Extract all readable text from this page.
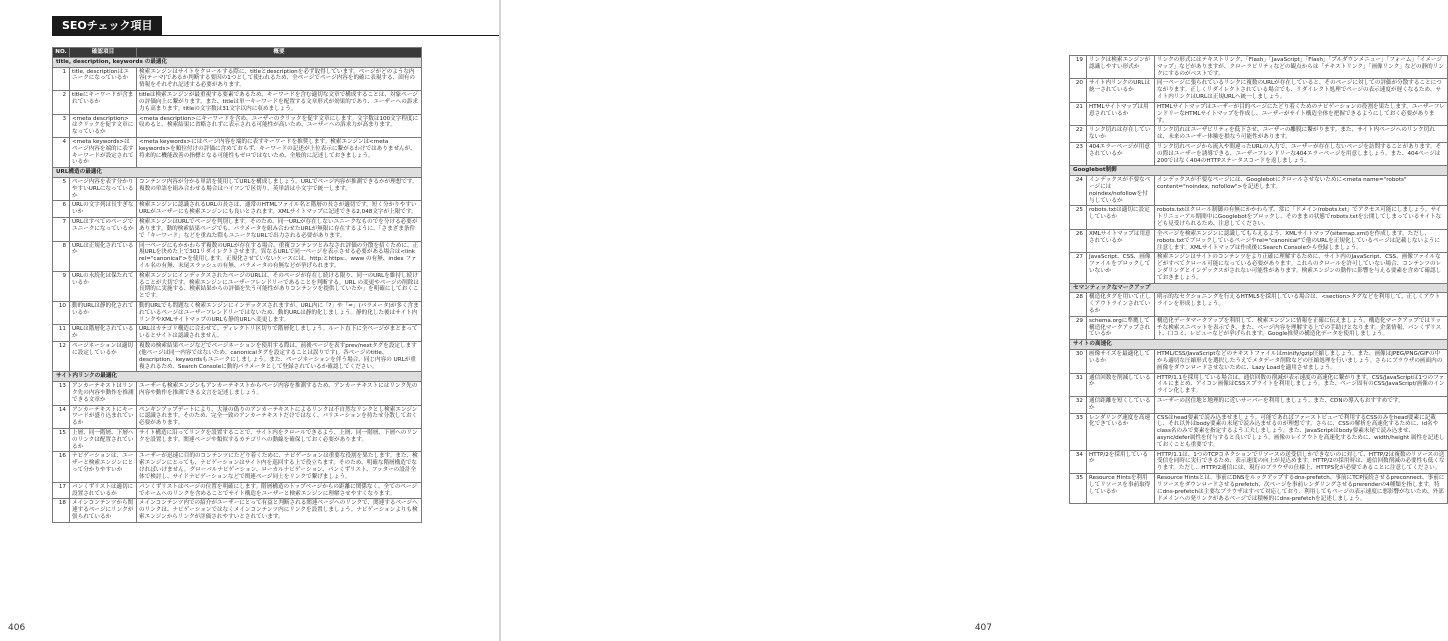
SEOチェック項目
NO.	確認項目	概要
title, description, keywords の最適化		
1	title, descriptionはユニークになっているか	検索エンジンはサイトをクロールする際に、titleとdescriptionを必ず取得しています。ページがどのような内容(テーマ)であるか判断する要因の1つとして使われるため、全ページでページ内容を的確に表現する、固有の情報をそれぞれ記述する必要があります。
2	titleにキーワードが含まれているか	titleは検索エンジンが最重視する要素であるため、キーワードを含む適切な文章で構成することは、対象ページの評価向上に繋がります。また、titleは単一キーワードを配置する文章形式が効果的であり、ユーザーへの訴求力も高まります。titleの文字数は31文字以内に収めましょう。
3	<meta description>はクリックを促す文章になっているか	<meta description>にキーワードを含め、ユーザーのクリックを促す文章にします。文字数は100文字程度に収めると、検索結果に省略されずに表示される可能性が高いため、ユーザーへの訴求力が高まります。
4	<meta keywords>はページ内容を端的に表すキーワードが設定されているか	<meta keywords>にはページ内容を端的に表すキーワードを推奨します。検索エンジンは<meta keywords>を順位付けの評価に含めておらず、キーワードの記述が上位表示に繋がるわけではありませんが、将来的に機能改善の指標となる可能性もゼロではないため、全般的に記述しておきましょう。
URL構造の最適化		
5	ページ内容を表す分かりやすいURLになっているか	コンテンツ内容が分かる単語を使用してURLを構成しましょう。URLでページ内容が推測できるかが理想です。複数の単語を組み合わせる場合はハイフンで区切り、英単語は小文字で統一します。
6	URLの文字列は長すぎないか	検索エンジンに認識されるURLの長さは、通常のHTMLファイル名と階層の長さが適切です。短く分かりやすいURLがユーザーにも検索エンジンにも良いとされます。XMLサイトマップに記述できる2,048文字が上限です。
7	URLはすべてのページでユニークになっているか	検索エンジンはURLでページを判別します。そのため、同一URLが存在しないユニークなものでを分ける必要があります。動的検索結果ページでも、パラメータを組み合わせたURLが無限に存在するように、「さまざま条件で「キーワード」などを重ねた際もユニークなURLで出力される必要があります。
8	URLは正規化されているか	同一ページにもかかわらず複数のURLが存在する場合、重複コンテンツとみなされ評価の分散を招くために、正規URLを決めた上で301リダイレクトさせます。異なるURLで同一ページを表示させる必要がある場合は<link rel="canonical">を使用します。正規化させていないケースには、http:とhttps:、www の有無、index ファイル名の有無、末尾スラッシュの有無、パラメータの有無などが挙げられます。
9	URLの永続化は保たれているか	検索エンジンにインデックスされたページのURLは、そのページが存在し続ける限り、同一のURLを維持し続けることが大切です。検索エンジンにユーザーフレンドリーであることを判断する。URL の変更やページの削除は長期的に実施する、検索結果からの評価を失う可能性がありコンテンツを提供していたか」を明確にしておくことです。
10	動的URLは静的化されているか	動的URLでも問題なく検索エンジンにインデックスされますが、URL内に「?」や「=」(パラメータ)が多く含まれているページはユーザーフレンドリーではないため、動的URLは静的化しましょう。静的化した後はサイト内リンクやXMLサイトマップのURLも静的URLへ変更します。
11	URLは階層化されているか	URLはカテゴリ構造に合わせて、ディレクトリ区切りで階層化しましょう。ルート直下に全ページがまとまっているとサイトは認識されません。
12	ページネーションは適切に設定しているか	複数の検索結果ページなどでページネーションを使用する際は、前後ページを表すprev/nextタグを設定します(他ページは同一内容ではないため、canonicalタグを設定することは誤りです)。各ページのtitle、description、keywordsもユニークにしましょう。また、ページネーションを伴う場合、同じ内容の URLが重複されるため、Search Consoleに動的パラメータとして登録されているか確認してください。
サイト内リンクの最適化		
13	アンカーテキストはリンク先の内容や動作を推測できる文章か	ユーザーも検索エンジンもアンカーテキストからページ内容を推測するため、アンカーテキストにはリンク先の内容や動作を推測できる文言を記述しましょう。
14	アンカーテキストにキーワードが盛り込まれているか	ペンギンアップデートにより、大量の偽りのアンカーテキストによるリンクは不自然なリンクとし検索エンジンに認識されます。そのため、完全一致のアンカーテキストだけではなく、バリエーションを持たせ分散しておく必要があります。
15	上層、同一階層、下層へのリンクは配置されているか	サイト構造に沿ってリンクを設置することで、サイト内をクロールできるよう、上層、同一階層、下層へのリンクを設置します。関連ページや類似するカテゴリへの動線を確保しておく必要があります。
16	ナビゲーションは、ユーザーと検索エンジンにとって分かりやすいか	ユーザーが迅速に目的のコンテンツにたどり着くために、ナビゲーションは重要な役割を果たします。また、検索エンジンにとっても、ナビゲーションはサイト内を巡回する上で役立ちます。そのため、明確な階層構造でなければいけません。グローバルナビゲーション、ローカルナビゲーション、パンくずリスト、フッターの設計全体で検討し、サイドナビゲーションなどで関連ページ同士をリンクで繋げましょう。
17	パンくずリストは適切に設置されているか	パンくずリストはページの位置を明確にします。階層構造のトップページからの距離に関係なく、全てのページでホームへのリンクを含めることでサイト構造をユーザーと検索エンジンに理解させやすくなります。
18	メインコンテンツから関連するページにリンクが張られているか	メインコンテンツ内での紹介がユーザーにとって有益と判断される関連ページへのリンクで、関連するページへのリンクは、ナビゲーションではなくメインコンテンツ内にリンクを設置しましょう。ナビゲーションよりも検索エンジンからリンクが評価されやすいとされています。
406
19	リンクは検索エンジンが認識しやすい形式か	リンクの形式にはテキストリンク、「Flash」「JavaScript」「Flash」「プルダウンメニュー」「フォーム」「イメージマップ」などがありますが、クローラビリティなどの観点からは「テキストリンク」「画像リンク」などの静的リンクにするのがベストです。
20	サイト内リンクのURLは統一されているか	同一ページに張られているリンクに複数のURLが存在していると、そのページに対しての評価が分散することにつながります。正しくリダイレクトされている場合でも、リダイレクト処理でページの表示速度が遅くなるため、サイト内リンクはURLは正規URLへ統一しましょう。
21	HTMLサイトマップは用意されているか	HTMLサイトマップはユーザーが目的ページにたどり着くためのナビゲーションの役割を果たします。ユーザーフレンドリーなHTMLサイトマップを作成し、ユーザーがサイト構造全体を把握できるようにしておく必要があります。
22	リンク切れは存在していないか	リンク切れはユーザビリティを低下させ、ユーザーの離脱に繋がります。また、サイト内ページへのリンク切れは、未来のユーザー体験を損なう可能性があります。
23	404エラーページが用意されているか	リンク切れページから流入や間違ったURLの入力で、ユーザーが存在しないページを訪問することがあります。その際はユーザーを誘導できる、ユーザーフレンドリーな404エラーページを用意しましょう。また、404ページは200ではなく404のHTTPステータスコードを返しましょう。
Googlebot制御		
24	インデックスが不要なページにはnoindex/nofollowを付与しているか	インデックスが不要なページには、Googlebotにクロールさせないために<meta name="robots" content="noindex, nofollow">を記述します。
25	robots.txtは適切に設定しているか	robots.txtはクロール制御の有無にかかわらず、常に「ドメイン/robots.txt」でアクセス可能にしましょう。サイトリニューアル期間中にGooglebotをブロックし、そのままの状態でrobots.txtを公開してしまっているサイトなども見受けられるため、注意してください。
26	XMLサイトマップは用意されているか	全ページを検索エンジンに認識してもらえるよう、XMLサイトマップ(sitemap.xml)を作成します。ただし、robots.txtでブロックしているページやrel="canonical"で他のURLを正規化しているページは記載しないように注意します。XMLサイトマップは作成後にSearch Consoleから登録しましょう。
27	JavaScript、CSS、画像ファイルをブロックしていないか	検索エンジンはサイトのコンテンツをより正確に理解するために、サイト内のJavaScript、CSS、画像ファイルなどがすべてクロール可能になっている必要があります。これらのクロールを許可していない場合、コンテンツのレンダリングとインデックスがされない可能性があります。検索エンジンの動作に影響を与える要素を含めて確認しておきましょう。
セマンティックなマークアップ		
28	構造化タグを用いて正しくアウトラインされているか	明示的なセクショニングを行えるHTML5を採用している場合は、<section>タグなどを利用して、正しくアウトラインを形成しましょう。
29	schema.orgに準拠して構造化マークアップされているか	構造化データマークアップを利用して、検索エンジンに情報を正確に伝えましょう。構造化マークアップではリッチな検索スニペットを表示でき、また、ページ内容を理解する上での手助けとなります。企業情報、パンくずリスト、口コミ、レビューなどが挙げられます。Google推奨の構造化データを使用しましょう。
サイトの高速化		
30	画像サイズを最適化しているか	HTML/CSS/JavaScriptなどのテキストファイルはminify/gzip圧縮しましょう。また、画像はJPEG/PNG/GIFの中から適切な圧縮形式を選択したうえでメタデータ削除などの圧縮処理を行いましょう。さらにブラウザの画面内の画像をダウンロードさせないために、Lazy Loadを適用させましょう。
31	通信回数を削減しているか	HTTP/1.1を採用している場合は、通信回数の削減が表示速度の高速化に繋がります。CSS/JavaScriptは1つのファイルにまとめ、アイコン画像はCSSスプライトを利用しましょう。また、ページ固有のCSS/JavaScript/画像のインライン化します。
32	通信距離を短くしているか	ユーザーの居住地と地理的に近いサーバーを利用しましょう。また、CDNの導入もおすすめです。
33	レンダリング速度を高速化できているか	CSSはhead要素で読み込ませましょう。可能であればファーストビューで利用するCSSのみをhead要素に記載し、それ以外はbody要素の末尾で読み込ませるのが理想です。さらに、CSSの解析を高速化するために、id名やclass名のみで要素を指定するよう工夫しましょう。また、JavaScriptはbody要素末尾で読み込ませ、async/defer属性を付与すると良いでしょう。画像のレイアウトを高速化するために、width/height 属性を記述しておくことも重要です。
34	HTTP/2を採用しているか	HTTP/1.1は、1つのTCPコネクションでリソースの送受信しかできないのに対して、HTTP/2は複数のリソースの送受信を同時に実行できるため、表示速度の向上が見込めます。HTTP/2の採用時は、通信回数削減の必要性も低くなります。ただし、HTTP/2通信には、現行のブラウザの仕様上、HTTPS化が必要であることに注意してください。
35	Resource Hintsを利用してリソースを事前取得しているか	Resource Hintsとは、事前にDNSをルックアップするdns-prefetch、事前にTCP接続させるpreconnect、事前にリソースをダウンロードさせるprefetch、次ページを事前レンダリングさせるprerenderの4種類を指します。特にdns-prefetchは主要なブラウザはすべて対応しており、利用してもページの表示速度に悪影響がないため、外部ドメインへの発リンクがあるページでは積極的にdns-prefetchを記述しましょう。
407
